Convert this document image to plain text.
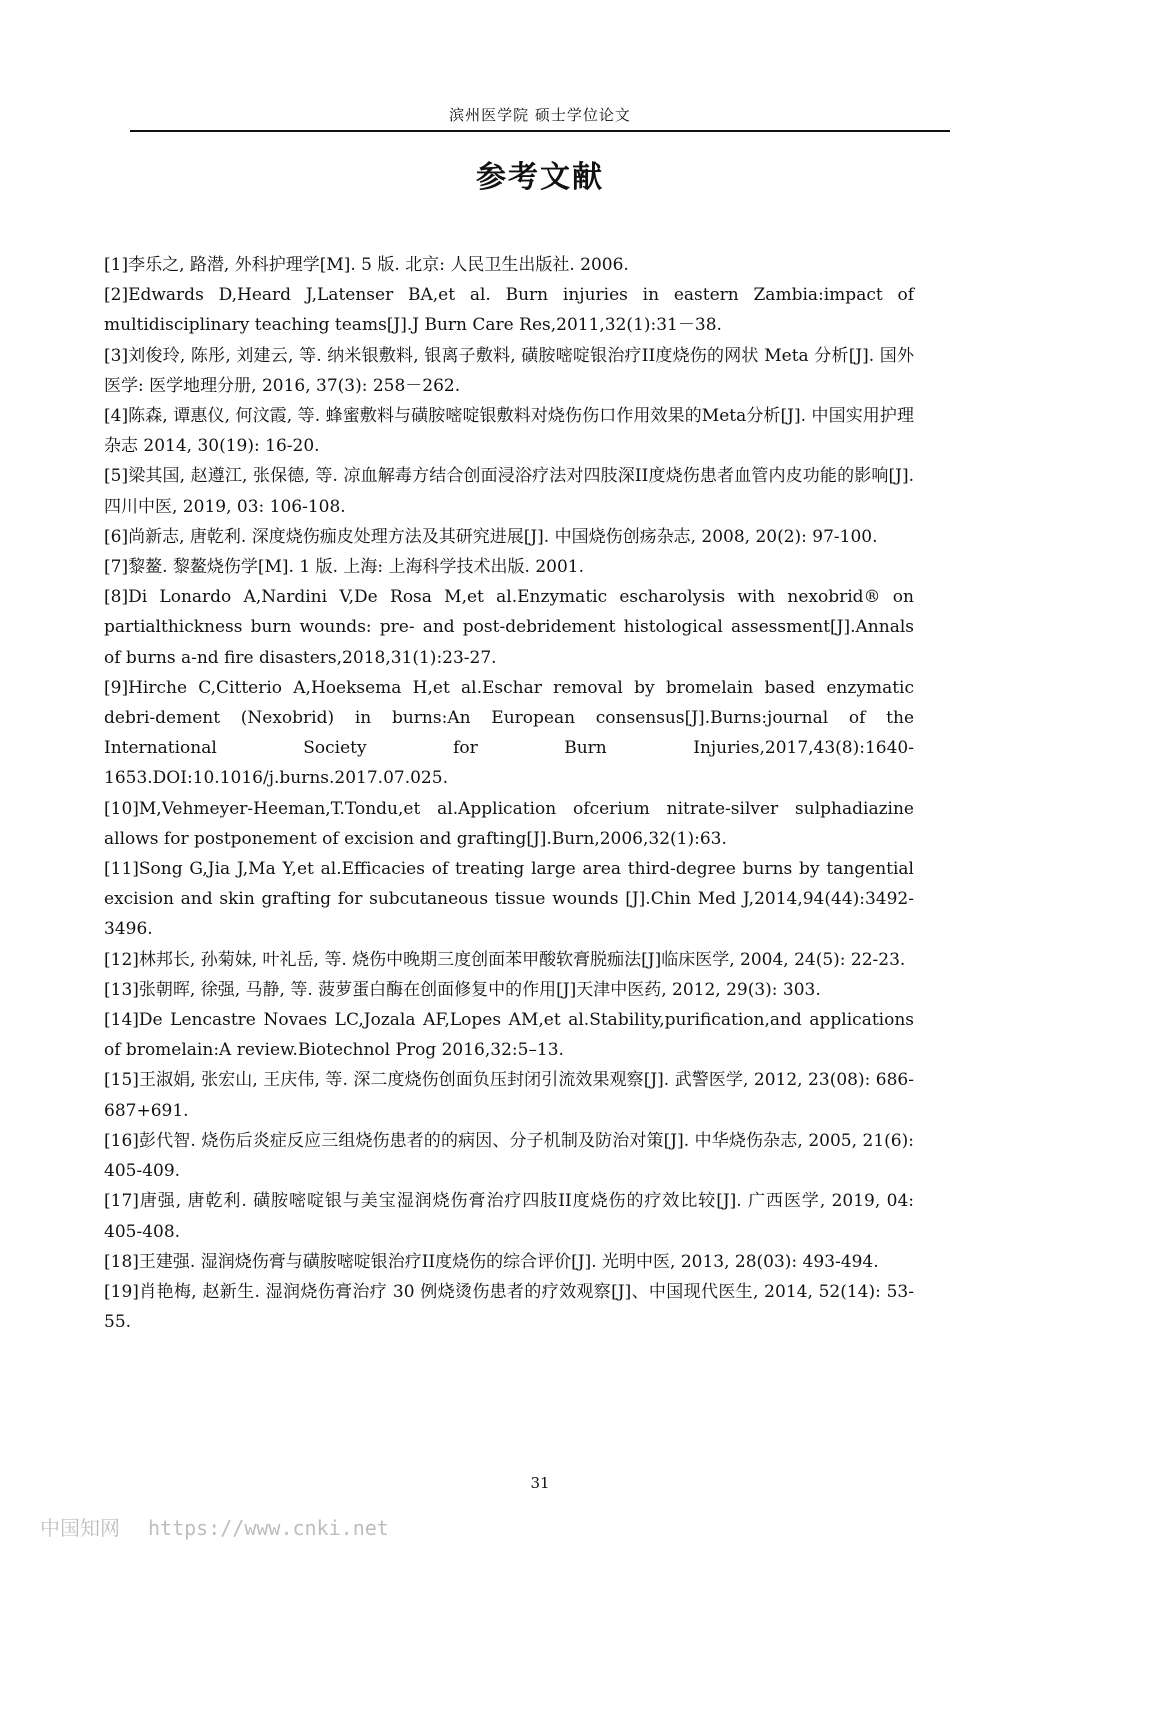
滨州医学院 硕士学位论文
参考文献

[1]李乐之, 路潜, 外科护理学[M]. 5 版. 北京: 人民卫生出版社. 2006.

[2]Edwards D,Heard J,Latenser BA,et al. Burn injuries in eastern Zambia:impact of multidisciplinary teaching teams[J].J Burn Care Res,2011,32(1):31－38.

[3]刘俊玲, 陈彤, 刘建云, 等. 纳米银敷料, 银离子敷料, 磺胺嘧啶银治疗II度烧伤的网状 Meta 分析[J]. 国外医学: 医学地理分册, 2016, 37(3): 258－262.

[4]陈森, 谭惠仪, 何汶霞, 等. 蜂蜜敷料与磺胺嘧啶银敷料对烧伤伤口作用效果的Meta分析[J]. 中国实用护理杂志 2014, 30(19): 16-20.

[5]梁其国, 赵遵江, 张保德, 等. 凉血解毒方结合创面浸浴疗法对四肢深II度烧伤患者血管内皮功能的影响[J]. 四川中医, 2019, 03: 106-108.

[6]尚新志, 唐乾利. 深度烧伤痂皮处理方法及其研究进展[J]. 中国烧伤创疡杂志, 2008, 20(2): 97-100.

[7]黎鳌. 黎鳌烧伤学[M]. 1 版. 上海: 上海科学技术出版. 2001.

[8]Di Lonardo A,Nardini V,De Rosa M,et al.Enzymatic escharolysis with nexobrid® on partialthickness burn wounds: pre- and post-debridement histological assessment[J].Annals of burns a-nd fire disasters,2018,31(1):23-27.

[9]Hirche C,Citterio A,Hoeksema H,et al.Eschar removal by bromelain based enzymatic debri-dement (Nexobrid) in burns:An European consensus[J].Burns:journal of the International Society for Burn Injuries,2017,43(8):1640-1653.DOI:10.1016/j.burns.2017.07.025.

[10]M,Vehmeyer-Heeman,T.Tondu,et al.Application ofcerium nitrate-silver sulphadiazine allows for postponement of excision and grafting[J].Burn,2006,32(1):63.

[11]Song G,Jia J,Ma Y,et al.Efficacies of treating large area third-degree burns by tangential excision and skin grafting for subcutaneous tissue wounds [J].Chin Med J,2014,94(44):3492-3496.

[12]林邦长, 孙菊妹, 叶礼岳, 等. 烧伤中晚期三度创面苯甲酸软膏脱痂法[J]临床医学, 2004, 24(5): 22-23.

[13]张朝晖, 徐强, 马静, 等. 菠萝蛋白酶在创面修复中的作用[J]天津中医药, 2012, 29(3): 303.

[14]De Lencastre Novaes LC,Jozala AF,Lopes AM,et al.Stability,purification,and applications of bromelain:A review.Biotechnol Prog 2016,32:5–13.

[15]王淑娟, 张宏山, 王庆伟, 等. 深二度烧伤创面负压封闭引流效果观察[J]. 武警医学, 2012, 23(08): 686-687+691.

[16]彭代智. 烧伤后炎症反应三组烧伤患者的的病因、分子机制及防治对策[J]. 中华烧伤杂志, 2005, 21(6): 405-409.

[17]唐强, 唐乾利. 磺胺嘧啶银与美宝湿润烧伤膏治疗四肢II度烧伤的疗效比较[J]. 广西医学, 2019, 04: 405-408.

[18]王建强. 湿润烧伤膏与磺胺嘧啶银治疗II度烧伤的综合评价[J]. 光明中医, 2013, 28(03): 493-494.

[19]肖艳梅, 赵新生. 湿润烧伤膏治疗 30 例烧烫伤患者的疗效观察[J]、中国现代医生, 2014, 52(14): 53-55.

31
中国知网 https://www.cnki.net
